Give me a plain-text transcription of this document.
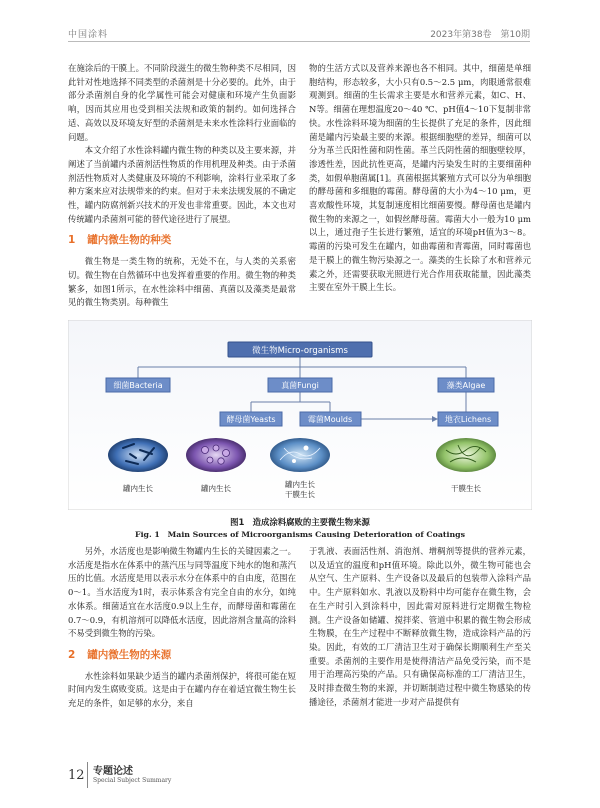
中国涂料	2023年第38卷　第10期

在施涂后的干膜上。不同阶段滋生的微生物种类不尽相同，因此针对性地选择不同类型的杀菌剂是十分必要的。此外，由于部分杀菌剂自身的化学属性可能会对健康和环境产生负面影响，因而其应用也受到相关法规和政策的制约。如何选择合适、高效以及环境友好型的杀菌剂是未来水性涂料行业面临的问题。

本文介绍了水性涂料罐内微生物的种类以及主要来源，并阐述了当前罐内杀菌剂活性物质的作用机理及种类。由于杀菌剂活性物质对人类健康及环境的不利影响，涂料行业采取了多种方案来应对法规带来的约束。但对于未来法规发展的不确定性，罐内防腐剂新兴技术的开发也非常重要。因此，本文也对传统罐内杀菌剂可能的替代途径进行了展望。

1 罐内微生物的种类

微生物是一类生物的统称，无处不在，与人类的关系密切。微生物在自然循环中也发挥着重要的作用。微生物的种类繁多，如图1所示，在水性涂料中细菌、真菌以及藻类是最常见的微生物类别。每种微生

物的生活方式以及营养来源也各不相同。其中，细菌是单细胞结构，形态较多，大小只有0.5～2.5 μm，肉眼通常很难观测到。细菌的生长需求主要是水和营养元素，如C、H、N等。细菌在理想温度20～40 ℃、pH值4～10下复制非常快。水性涂料环境为细菌的生长提供了充足的条件，因此细菌是罐内污染最主要的来源。根据细胞壁的差异，细菌可以分为革兰氏阳性菌和阴性菌。革兰氏阴性菌的细胞壁较厚，渗透性差，因此抗性更高，是罐内污染发生时的主要细菌种类，如假单胞菌属[1]。真菌根据其繁殖方式可以分为单细胞的酵母菌和多细胞的霉菌。酵母菌的大小为4～10 μm，更喜欢酸性环境，其复制速度相比细菌要慢。酵母菌也是罐内微生物的来源之一，如假丝酵母菌。霉菌大小一般为10 μm以上，通过孢子生长进行繁殖，适宜的环境pH值为3～8。霉菌的污染可发生在罐内，如曲霉菌和青霉菌，同时霉菌也是干膜上的微生物污染源之一。藻类的生长除了水和营养元素之外，还需要获取光照进行光合作用获取能量，因此藻类主要在室外干膜上生长。

微生物Micro-organisms
细菌Bacteria	真菌Fungi	藻类Algae
酵母菌Yeasts	霉菌Moulds	地衣Lichens
罐内生长	罐内生长	罐内生长
干膜生长
干膜生长
图1　造成涂料腐败的主要微生物来源
Fig. 1　Main Sources of Microorganisms Causing Deterioration of Coatings

另外，水活度也是影响微生物罐内生长的关键因素之一。水活度是指水在体系中的蒸汽压与同等温度下纯水的饱和蒸汽压的比值。水活度是用以表示水分在体系中的自由度，范围在0～1。当水活度为1时，表示体系含有完全自由的水分，如纯水体系。细菌适宜在水活度0.9以上生存，而酵母菌和霉菌在0.7～0.9，有机溶剂可以降低水活度，因此溶剂含量高的涂料不易受到微生物的污染。

2 罐内微生物的来源

水性涂料如果缺少适当的罐内杀菌剂保护，将很可能在短时间内发生腐败变质。这是由于在罐内存在着适宜微生物生长充足的条件，如足够的水分，来自

于乳液、表面活性剂、消泡剂、增稠剂等提供的营养元素，以及适宜的温度和pH值环境。除此以外，微生物可能也会从空气、生产原料、生产设备以及最后的包装带入涂料产品中。生产原料如水、乳液以及粉料中均可能存在微生物，会在生产时引入到涂料中，因此需对原料进行定期微生物检测。生产设备如储罐、搅拌桨、管道中积累的微生物会形成生物膜，在生产过程中不断释放微生物，造成涂料产品的污染。因此，有效的工厂清洁卫生对于确保长期顺利生产至关重要。杀菌剂的主要作用是使得清洁产品免受污染，而不是用于治理高污染的产品。只有确保高标准的工厂清洁卫生，及时排查微生物的来源，并切断制造过程中微生物感染的传播途径，杀菌剂才能进一步对产品提供有

12 专题论述
Special Subject Summary
